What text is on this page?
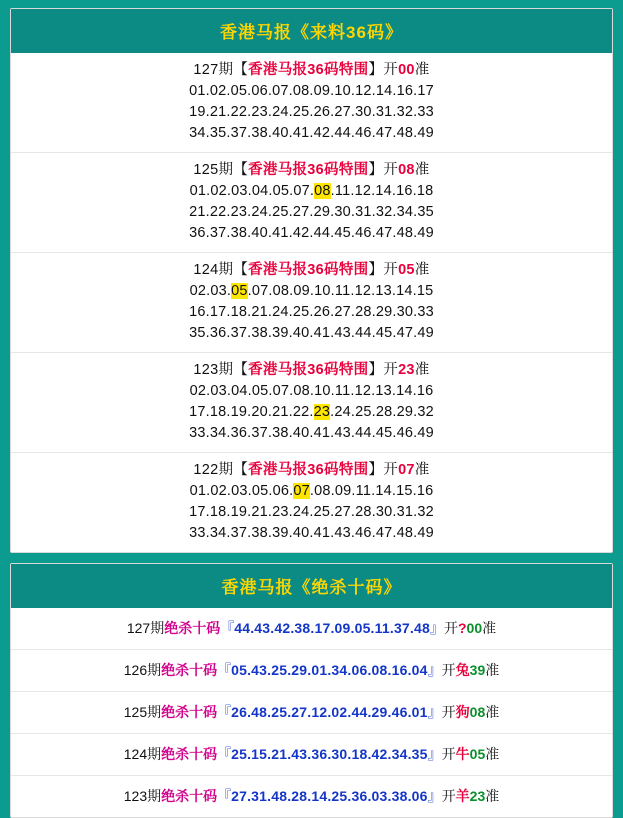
香港马报《来料36码》
127期【香港马报36码特围】开00准
01.02.05.06.07.08.09.10.12.14.16.17
19.21.22.23.24.25.26.27.30.31.32.33
34.35.37.38.40.41.42.44.46.47.48.49
125期【香港马报36码特围】开08准
01.02.03.04.05.07.08.11.12.14.16.18
21.22.23.24.25.27.29.30.31.32.34.35
36.37.38.40.41.42.44.45.46.47.48.49
124期【香港马报36码特围】开05准
02.03.05.07.08.09.10.11.12.13.14.15
16.17.18.21.24.25.26.27.28.29.30.33
35.36.37.38.39.40.41.43.44.45.47.49
123期【香港马报36码特围】开23准
02.03.04.05.07.08.10.11.12.13.14.16
17.18.19.20.21.22.23.24.25.28.29.32
33.34.36.37.38.40.41.43.44.45.46.49
122期【香港马报36码特围】开07准
01.02.03.05.06.07.08.09.11.14.15.16
17.18.19.21.23.24.25.27.28.30.31.32
33.34.37.38.39.40.41.43.46.47.48.49
香港马报《绝杀十码》
127期绝杀十码『44.43.42.38.17.09.05.11.37.48』开?00准
126期绝杀十码『05.43.25.29.01.34.06.08.16.04』开兔39准
125期绝杀十码『26.48.25.27.12.02.44.29.46.01』开狗08准
124期绝杀十码『25.15.21.43.36.30.18.42.34.35』开牛05准
123期绝杀十码『27.31.48.28.14.25.36.03.38.06』开羊23准
